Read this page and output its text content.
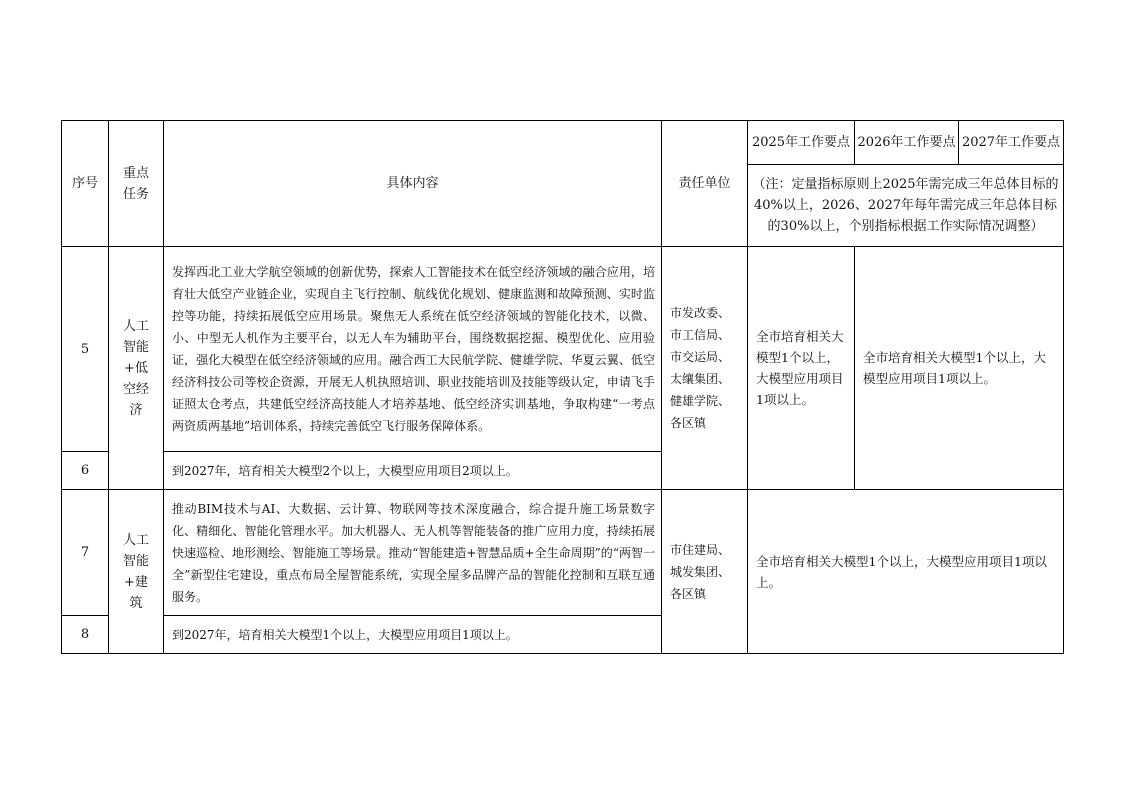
序号	重点任务	具体内容	责任单位	2025年工作要点	2026年工作要点	2027年工作要点
				（注：定量指标原则上2025年需完成三年总体目标的40%以上，2026、2027年每年需完成三年总体目标的30%以上，个别指标根据工作实际情况调整）		
5	人工智能+低空经济	发挥西北工业大学航空领域的创新优势，探索人工智能技术在低空经济领域的融合应用，培育壮大低空产业链企业，实现自主飞行控制、航线优化规划、健康监测和故障预测、实时监控等功能，持续拓展低空应用场景。聚焦无人系统在低空经济领域的智能化技术，以微、小、中型无人机作为主要平台，以无人车为辅助平台，围绕数据挖掘、模型优化、应用验证，强化大模型在低空经济领域的应用。融合西工大民航学院、健雄学院、华夏云翼、低空经济科技公司等校企资源，开展无人机执照培训、职业技能培训及技能等级认定，申请飞手证照太仓考点，共建低空经济高技能人才培养基地、低空经济实训基地，争取构建“一考点两资质两基地”培训体系，持续完善低空飞行服务保障体系。	市发改委、市工信局、市交运局、太𬙋集团、健雄学院、各区镇	全市培育相关大模型1个以上，大模型应用项目1项以上。	全市培育相关大模型1个以上，大模型应用项目1项以上。	
6		到2027年，培育相关大模型2个以上，大模型应用项目2项以上。				
7	人工智能+建筑	推动BIM技术与AI、大数据、云计算、物联网等技术深度融合，综合提升施工场景数字化、精细化、智能化管理水平。加大机器人、无人机等智能装备的推广应用力度，持续拓展快速巡检、地形测绘、智能施工等场景。推动“智能建造+智慧品质+全生命周期”的“两智一全”新型住宅建设，重点布局全屋智能系统，实现全屋多品牌产品的智能化控制和互联互通服务。	市住建局、城发集团、各区镇	全市培育相关大模型1个以上，大模型应用项目1项以上。		
8		到2027年，培育相关大模型1个以上，大模型应用项目1项以上。				
